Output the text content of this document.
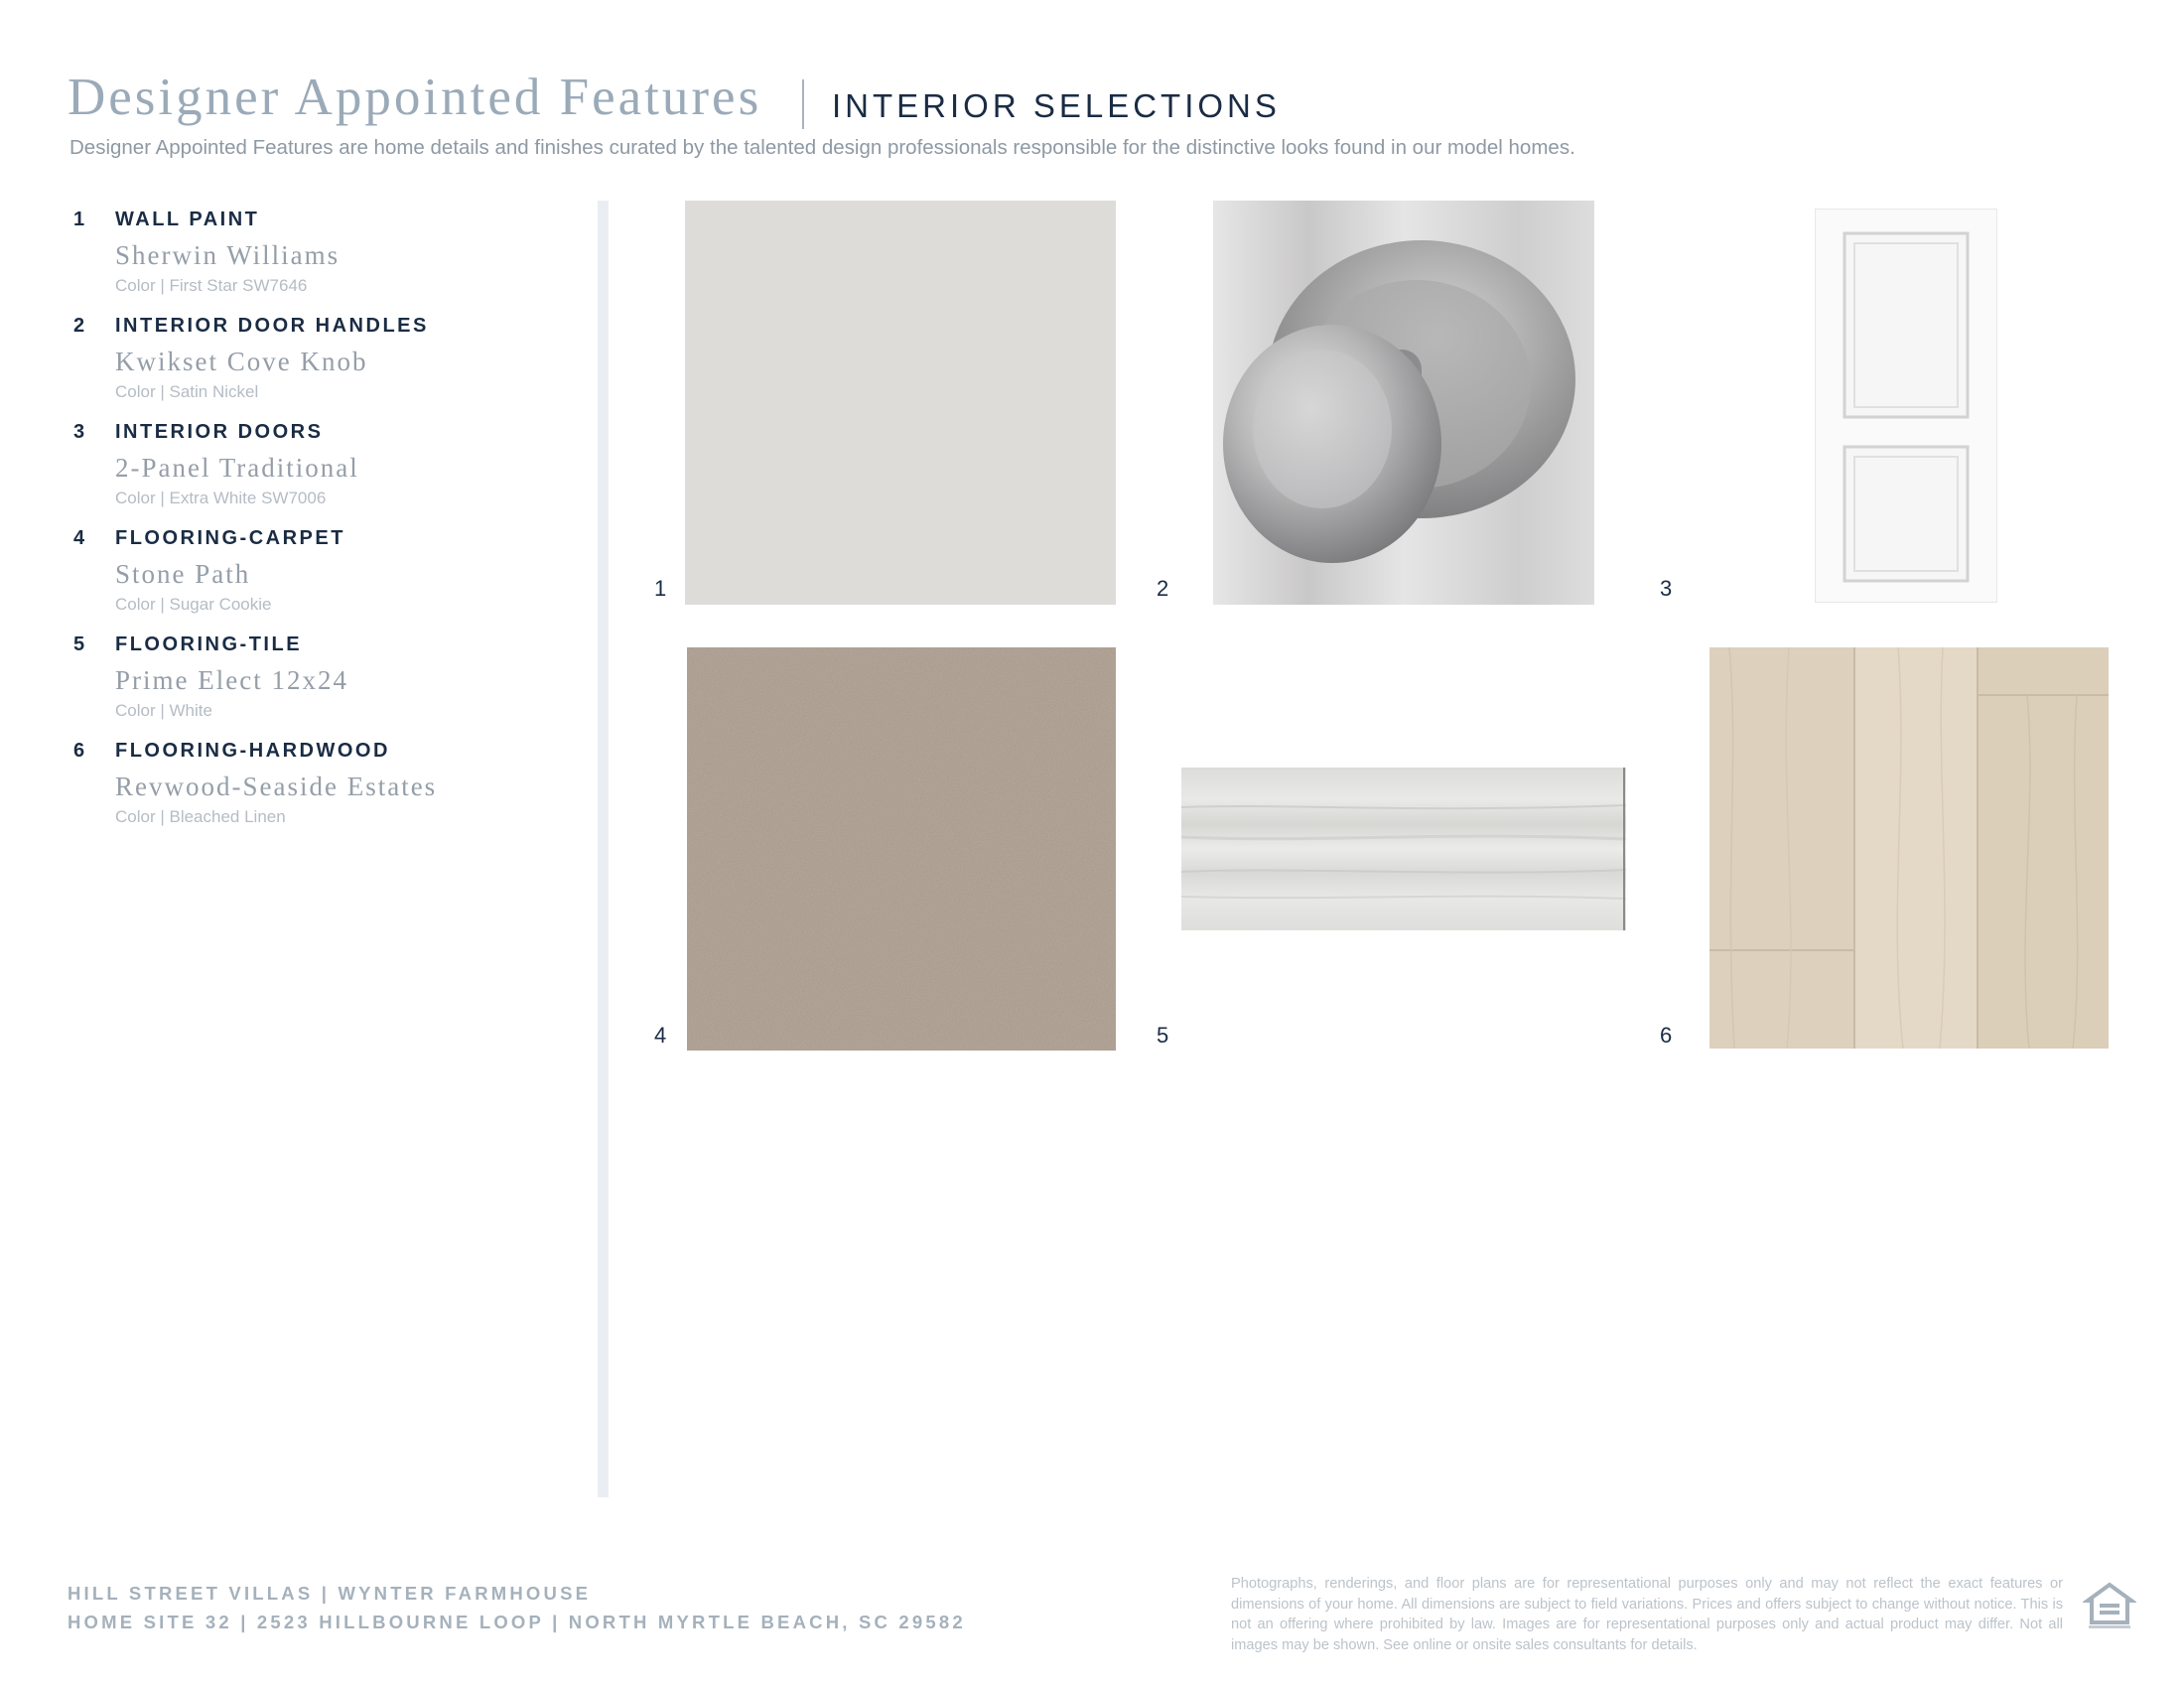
Designer Appointed Features INTERIOR SELECTIONS
Designer Appointed Features are home details and finishes curated by the talented design professionals responsible for the distinctive looks found in our model homes.
1 WALL PAINT
Sherwin Williams
Color | First Star SW7646
2 INTERIOR DOOR HANDLES
Kwikset Cove Knob
Color | Satin Nickel
3 INTERIOR DOORS
2-Panel Traditional
Color | Extra White SW7006
4 FLOORING-CARPET
Stone Path
Color | Sugar Cookie
5 FLOORING-TILE
Prime Elect 12x24
Color | White
6 FLOORING-HARDWOOD
Revwood-Seaside Estates
Color | Bleached Linen
1	2	3
4	5	6
HILL STREET VILLAS | WYNTER FARMHOUSE
HOME SITE 32 | 2523 HILLBOURNE LOOP | NORTH MYRTLE BEACH, SC 29582
Photographs, renderings, and floor plans are for representational purposes only and may not reflect the exact features or dimensions of your home. All dimensions are subject to field variations. Prices and offers subject to change without notice. This is not an offering where prohibited by law. Images are for representational purposes only and actual product may differ. Not all images may be shown. See online or onsite sales consultants for details.
